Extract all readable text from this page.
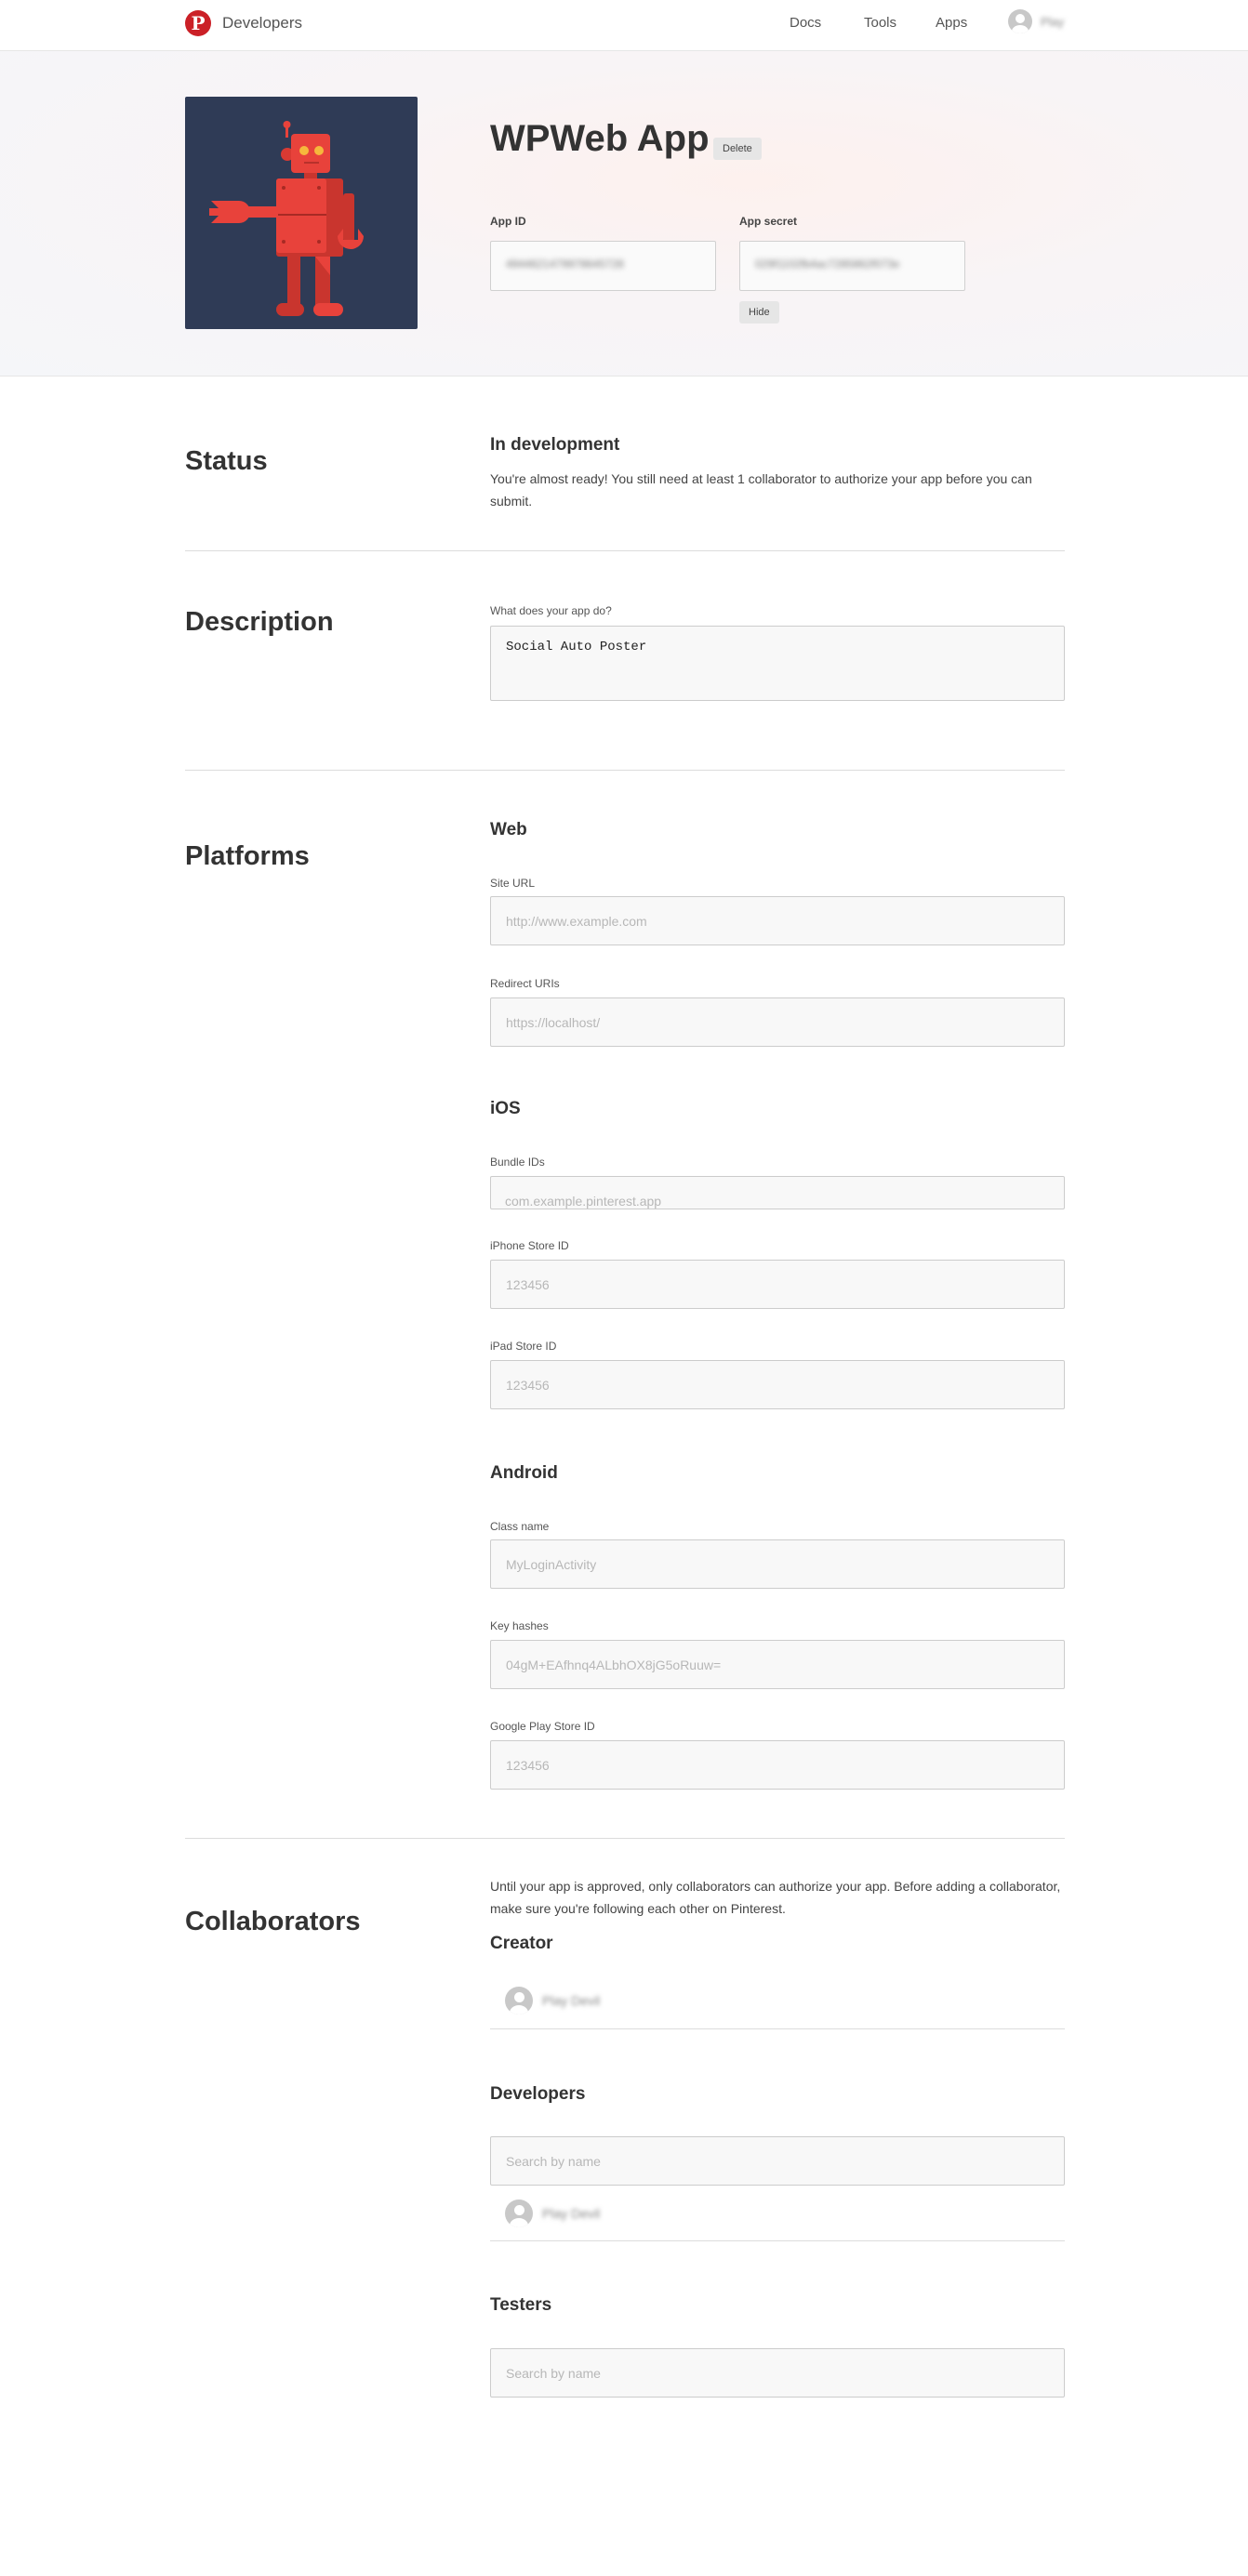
P	Developers	Docs	Tools	Apps	Play
WPWeb App	Delete
App ID
4944621479978645728
App secret
029f1102fb4ac7285862f073e
Hide
Status
In development

You're almost ready! You still need at least 1 collaborator to authorize your app before you can submit.

Description	What does your app do?
Social Auto Poster
Platforms
Web
Site URL
http://www.example.com
Redirect URIs
https://localhost/
iOS
Bundle IDs
com.example.pinterest.app
iPhone Store ID
123456
iPad Store ID
123456
Android
Class name
MyLoginActivity
Key hashes
04gM+EAfhnq4ALbhOX8jG5oRuuw=
Google Play Store ID
123456
Collaborators

Until your app is approved, only collaborators can authorize your app. Before adding a collaborator, make sure you're following each other on Pinterest.

Creator
Play Devil
Developers
Search by name
Play Devil
Testers
Search by name
